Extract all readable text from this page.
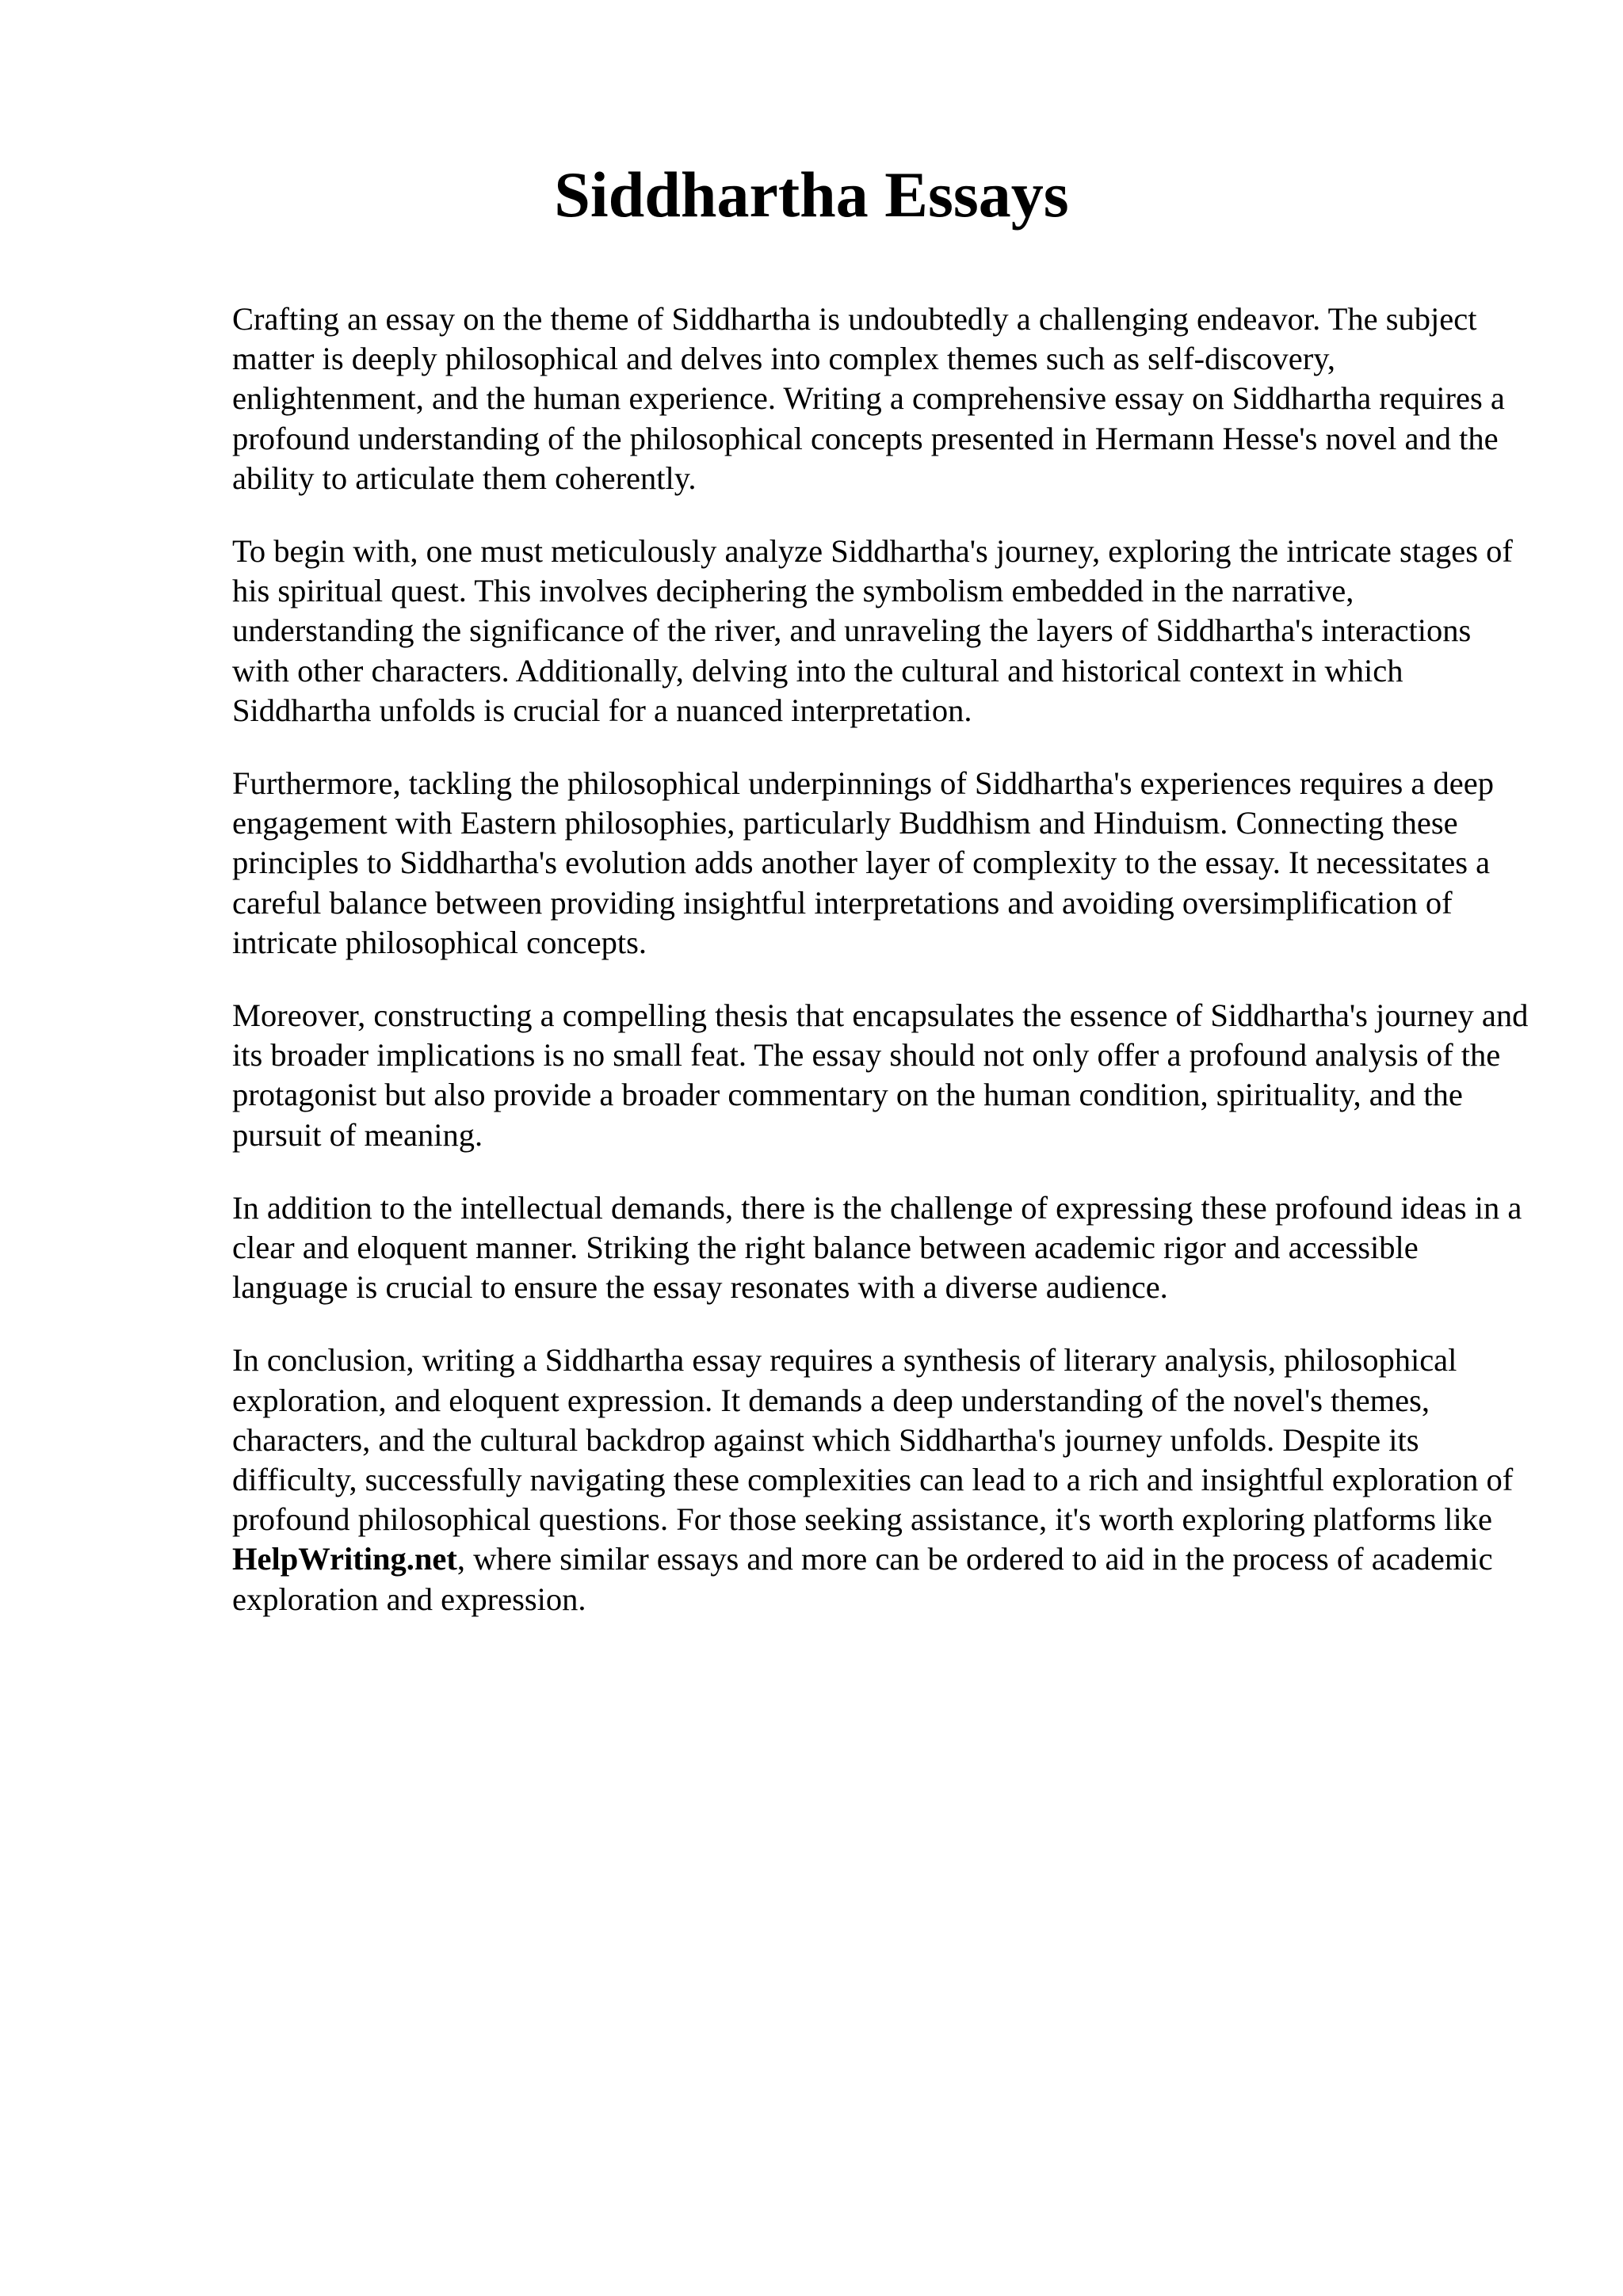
Siddhartha Essays

Crafting an essay on the theme of Siddhartha is undoubtedly a challenging endeavor. The subject matter is deeply philosophical and delves into complex themes such as self-discovery, enlightenment, and the human experience. Writing a comprehensive essay on Siddhartha requires a profound understanding of the philosophical concepts presented in Hermann Hesse's novel and the ability to articulate them coherently.

To begin with, one must meticulously analyze Siddhartha's journey, exploring the intricate stages of his spiritual quest. This involves deciphering the symbolism embedded in the narrative, understanding the significance of the river, and unraveling the layers of Siddhartha's interactions with other characters. Additionally, delving into the cultural and historical context in which Siddhartha unfolds is crucial for a nuanced interpretation.

Furthermore, tackling the philosophical underpinnings of Siddhartha's experiences requires a deep engagement with Eastern philosophies, particularly Buddhism and Hinduism. Connecting these principles to Siddhartha's evolution adds another layer of complexity to the essay. It necessitates a careful balance between providing insightful interpretations and avoiding oversimplification of intricate philosophical concepts.

Moreover, constructing a compelling thesis that encapsulates the essence of Siddhartha's journey and its broader implications is no small feat. The essay should not only offer a profound analysis of the protagonist but also provide a broader commentary on the human condition, spirituality, and the pursuit of meaning.

In addition to the intellectual demands, there is the challenge of expressing these profound ideas in a clear and eloquent manner. Striking the right balance between academic rigor and accessible language is crucial to ensure the essay resonates with a diverse audience.

In conclusion, writing a Siddhartha essay requires a synthesis of literary analysis, philosophical exploration, and eloquent expression. It demands a deep understanding of the novel's themes, characters, and the cultural backdrop against which Siddhartha's journey unfolds. Despite its difficulty, successfully navigating these complexities can lead to a rich and insightful exploration of profound philosophical questions. For those seeking assistance, it's worth exploring platforms like HelpWriting.net, where similar essays and more can be ordered to aid in the process of academic exploration and expression.
